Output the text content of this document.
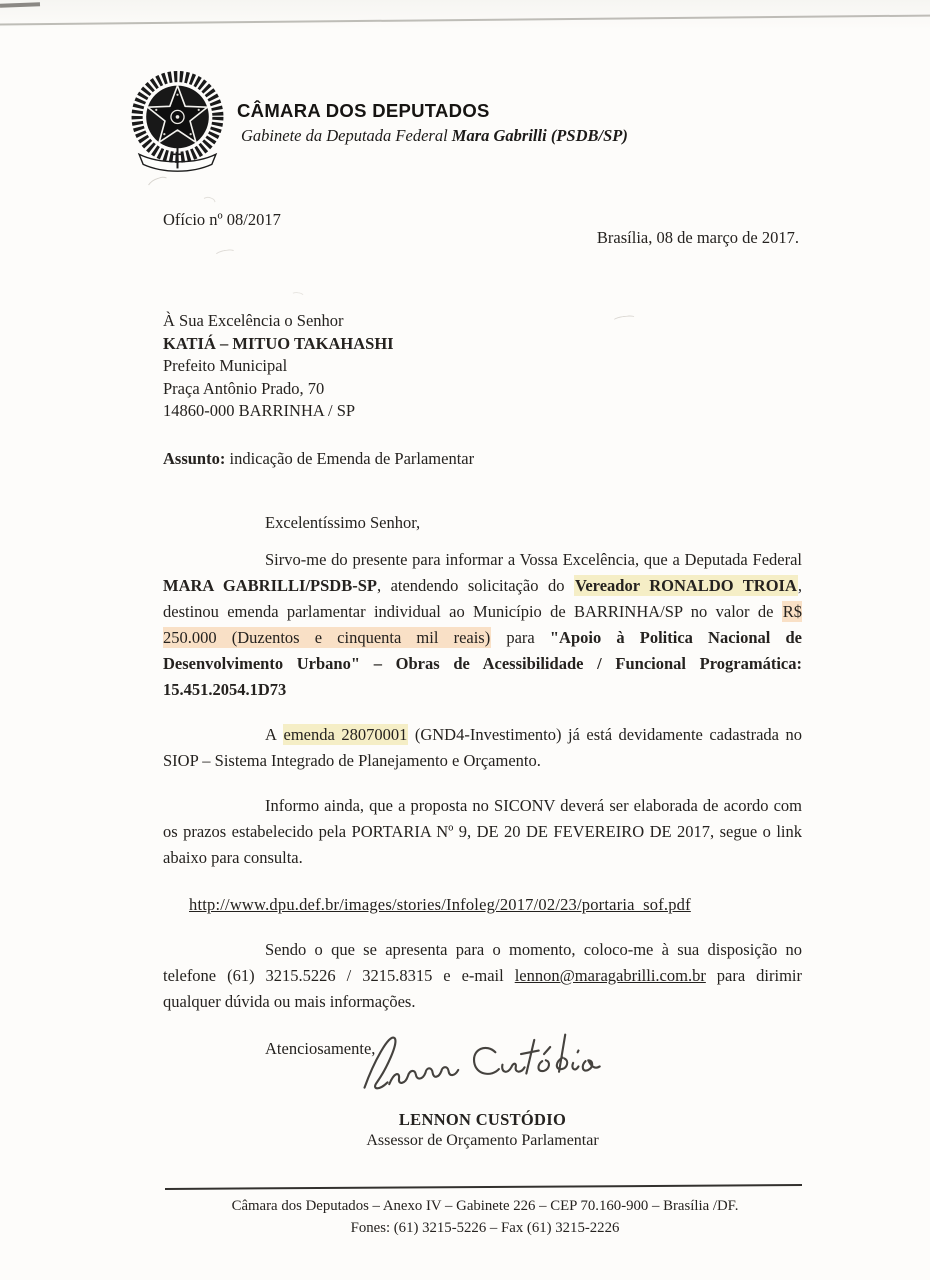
CÂMARA DOS DEPUTADOS
Gabinete da Deputada Federal Mara Gabrilli (PSDB/SP)
Ofício nº 08/2017
Brasília, 08 de março de 2017.
À Sua Excelência o Senhor
KATIÁ – MITUO TAKAHASHI
Prefeito Municipal
Praça Antônio Prado, 70
14860-000 BARRINHA / SP
Assunto: indicação de Emenda de Parlamentar
Excelentíssimo Senhor,
Sirvo-me do presente para informar a Vossa Excelência, que a Deputada Federal MARA GABRILLI/PSDB-SP, atendendo solicitação do Vereador RONALDO TROIA, destinou emenda parlamentar individual ao Município de BARRINHA/SP no valor de R$ 250.000 (Duzentos e cinquenta mil reais) para "Apoio à Politica Nacional de Desenvolvimento Urbano" – Obras de Acessibilidade / Funcional Programática: 15.451.2054.1D73
A emenda 28070001 (GND4-Investimento) já está devidamente cadastrada no SIOP – Sistema Integrado de Planejamento e Orçamento.
Informo ainda, que a proposta no SICONV deverá ser elaborada de acordo com os prazos estabelecido pela PORTARIA Nº 9, DE 20 DE FEVEREIRO DE 2017, segue o link abaixo para consulta.
http://www.dpu.def.br/images/stories/Infoleg/2017/02/23/portaria_sof.pdf
Sendo o que se apresenta para o momento, coloco-me à sua disposição no telefone (61) 3215.5226 / 3215.8315 e e-mail lennon@maragabrilli.com.br para dirimir qualquer dúvida ou mais informações.
Atenciosamente,
LENNON CUSTÓDIO
Assessor de Orçamento Parlamentar
Câmara dos Deputados – Anexo IV – Gabinete 226 – CEP 70.160-900 – Brasília /DF.
Fones: (61) 3215-5226 – Fax (61) 3215-2226
